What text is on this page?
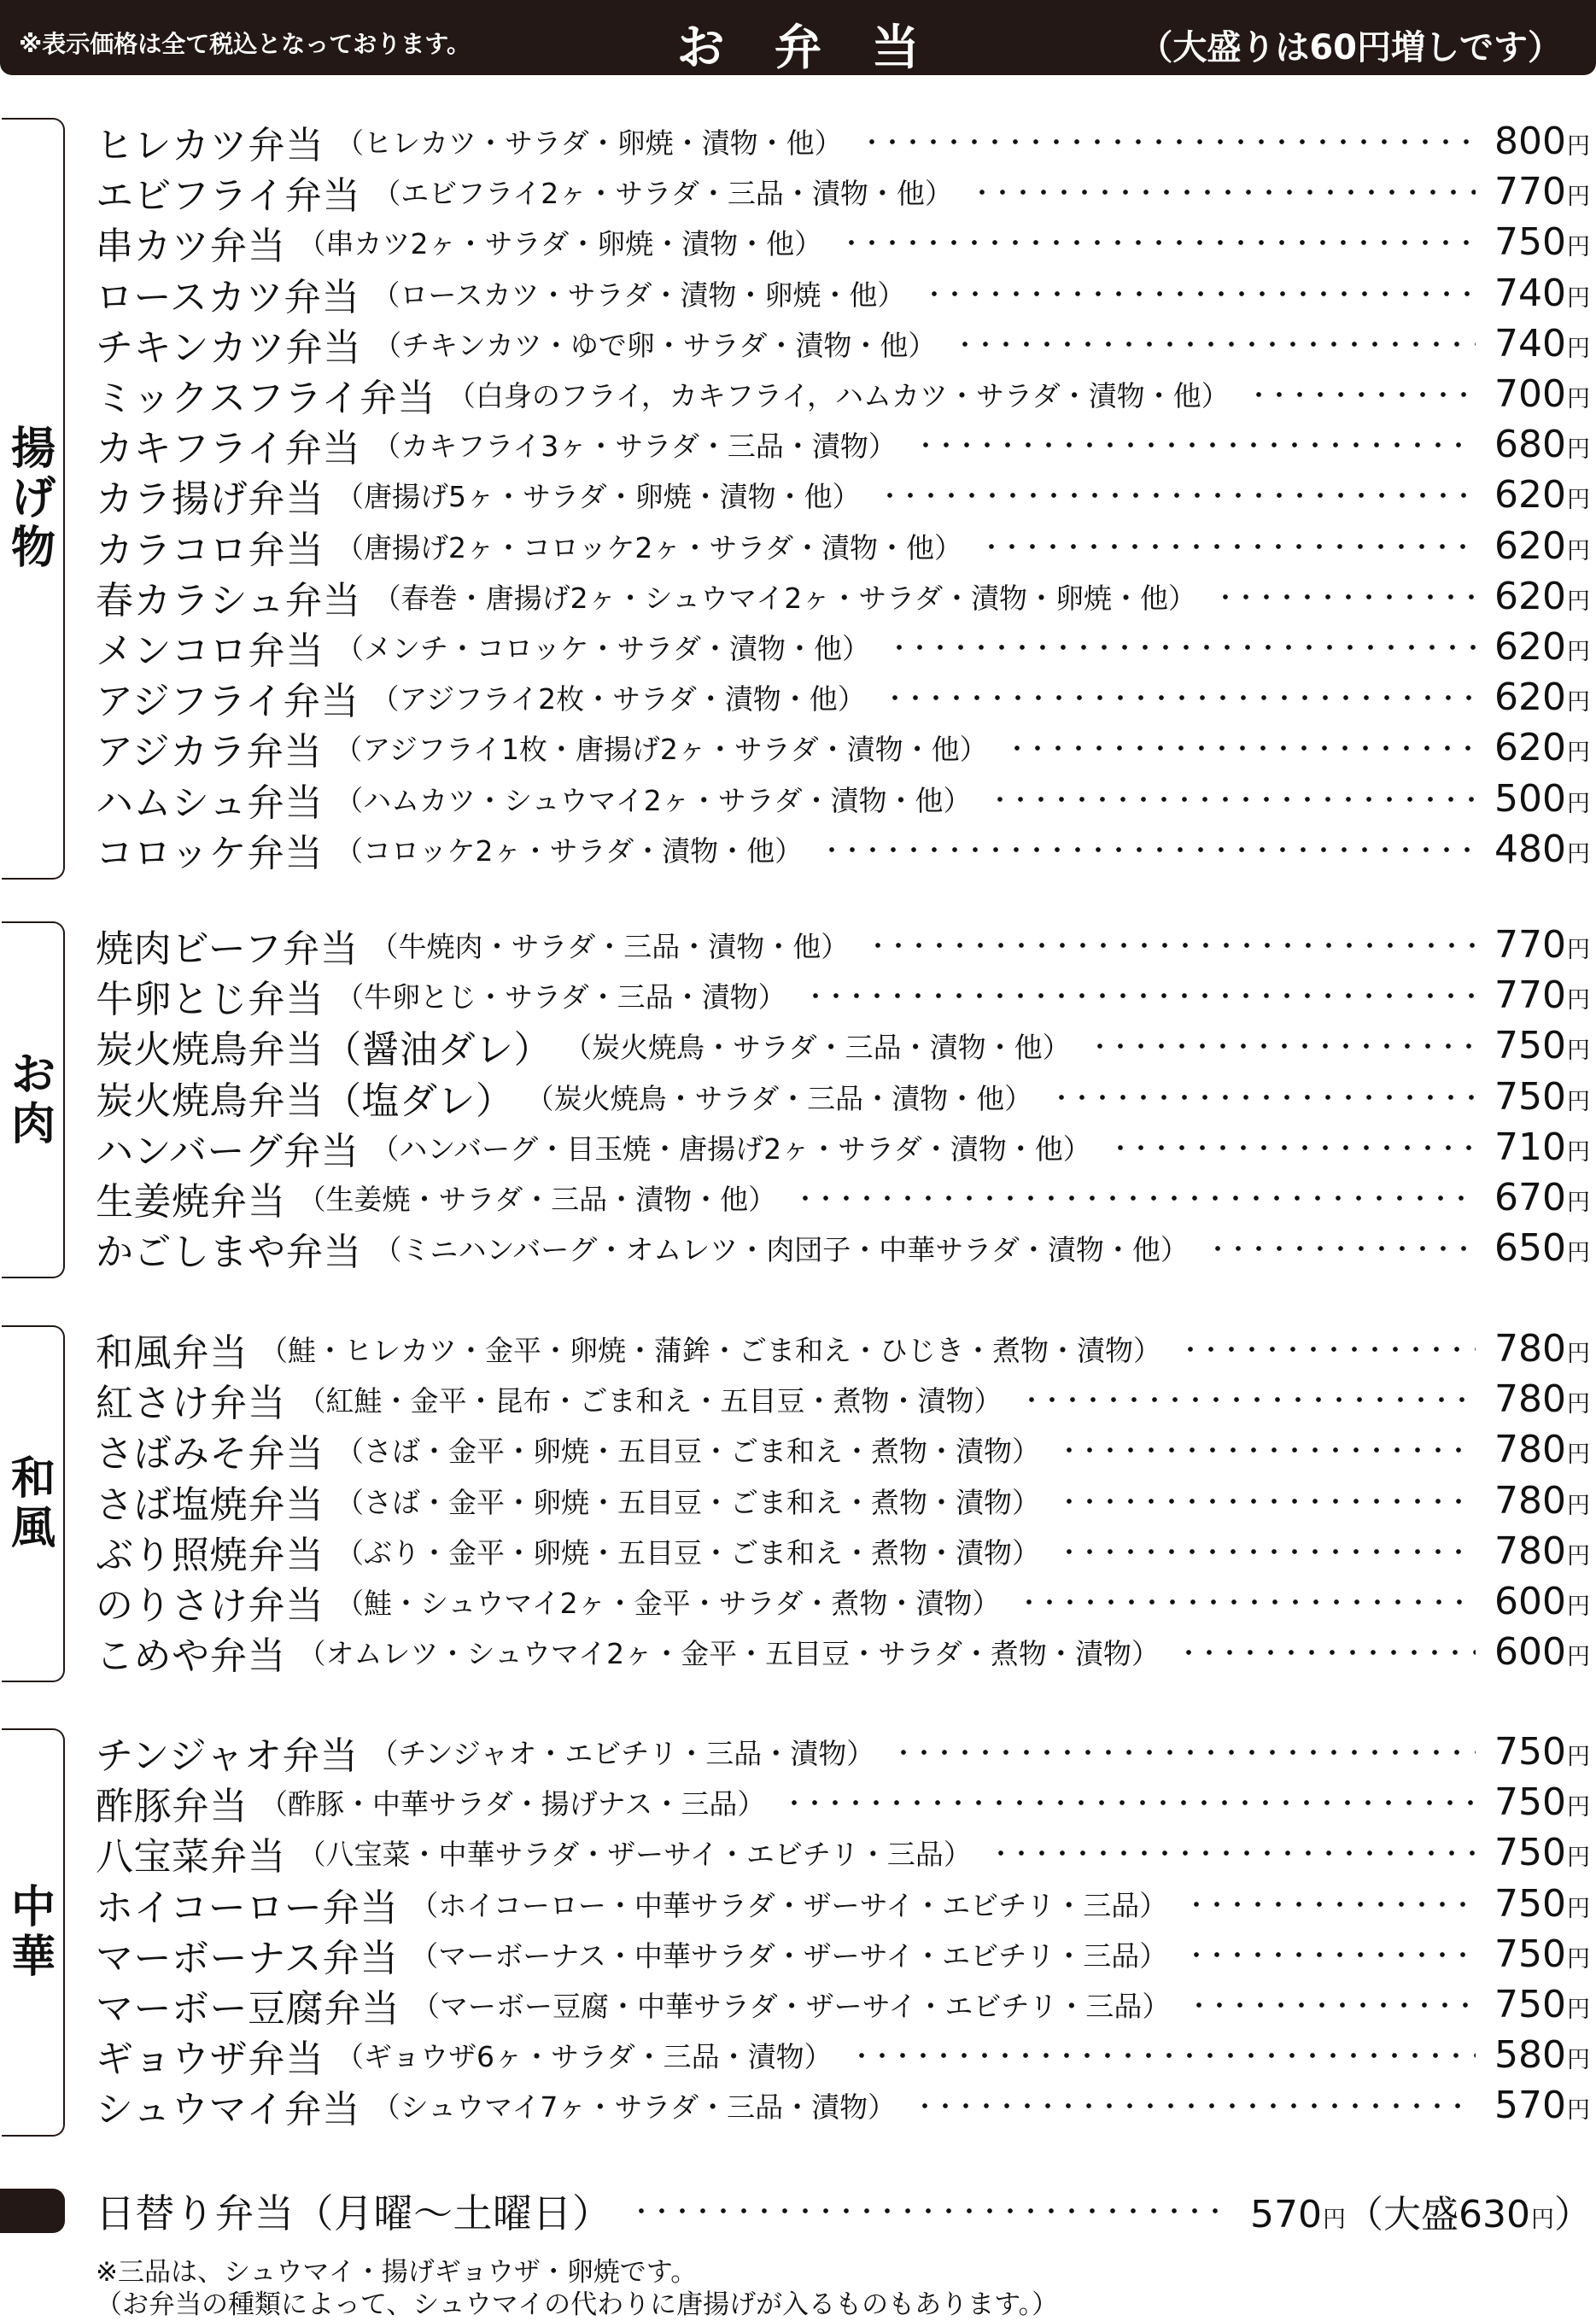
※表示価格は全て税込となっております。	お弁当	（大盛りは60円増しです）
揚
げ
物
ヒレカツ弁当 （ヒレカツ・サラダ・卵焼・漬物・他）	800 円
エビフライ弁当 （エビフライ2ヶ・サラダ・三品・漬物・他）	770 円
串カツ弁当 （串カツ2ヶ・サラダ・卵焼・漬物・他）	750 円
ロースカツ弁当 （ロースカツ・サラダ・漬物・卵焼・他）	740 円
チキンカツ弁当 （チキンカツ・ゆで卵・サラダ・漬物・他）	740 円
ミックスフライ弁当 （白身のフライ，カキフライ，ハムカツ・サラダ・漬物・他）	700 円
カキフライ弁当 （カキフライ3ヶ・サラダ・三品・漬物）	680 円
カラ揚げ弁当 （唐揚げ5ヶ・サラダ・卵焼・漬物・他）	620 円
カラコロ弁当 （唐揚げ2ヶ・コロッケ2ヶ・サラダ・漬物・他）	620 円
春カラシュ弁当 （春巻・唐揚げ2ヶ・シュウマイ2ヶ・サラダ・漬物・卵焼・他）	620 円
メンコロ弁当 （メンチ・コロッケ・サラダ・漬物・他）	620 円
アジフライ弁当 （アジフライ2枚・サラダ・漬物・他）	620 円
アジカラ弁当 （アジフライ1枚・唐揚げ2ヶ・サラダ・漬物・他）	620 円
ハムシュ弁当 （ハムカツ・シュウマイ2ヶ・サラダ・漬物・他）	500 円
コロッケ弁当 （コロッケ2ヶ・サラダ・漬物・他）	480 円
お
肉
焼肉ビーフ弁当 （牛焼肉・サラダ・三品・漬物・他）	770 円
牛卵とじ弁当 （牛卵とじ・サラダ・三品・漬物）	770 円
炭火焼鳥弁当（醤油ダレ） （炭火焼鳥・サラダ・三品・漬物・他）	750 円
炭火焼鳥弁当（塩ダレ） （炭火焼鳥・サラダ・三品・漬物・他）	750 円
ハンバーグ弁当 （ハンバーグ・目玉焼・唐揚げ2ヶ・サラダ・漬物・他）	710 円
生姜焼弁当 （生姜焼・サラダ・三品・漬物・他）	670 円
かごしまや弁当 （ミニハンバーグ・オムレツ・肉団子・中華サラダ・漬物・他）	650 円
和
風
和風弁当 （鮭・ヒレカツ・金平・卵焼・蒲鉾・ごま和え・ひじき・煮物・漬物）	780 円
紅さけ弁当 （紅鮭・金平・昆布・ごま和え・五目豆・煮物・漬物）	780 円
さばみそ弁当 （さば・金平・卵焼・五目豆・ごま和え・煮物・漬物）	780 円
さば塩焼弁当 （さば・金平・卵焼・五目豆・ごま和え・煮物・漬物）	780 円
ぶり照焼弁当 （ぶり・金平・卵焼・五目豆・ごま和え・煮物・漬物）	780 円
のりさけ弁当 （鮭・シュウマイ2ヶ・金平・サラダ・煮物・漬物）	600 円
こめや弁当 （オムレツ・シュウマイ2ヶ・金平・五目豆・サラダ・煮物・漬物）	600 円
中
華
チンジャオ弁当 （チンジャオ・エビチリ・三品・漬物）	750 円
酢豚弁当 （酢豚・中華サラダ・揚げナス・三品）	750 円
八宝菜弁当 （八宝菜・中華サラダ・ザーサイ・エビチリ・三品）	750 円
ホイコーロー弁当 （ホイコーロー・中華サラダ・ザーサイ・エビチリ・三品）	750 円
マーボーナス弁当 （マーボーナス・中華サラダ・ザーサイ・エビチリ・三品）	750 円
マーボー豆腐弁当 （マーボー豆腐・中華サラダ・ザーサイ・エビチリ・三品）	750 円
ギョウザ弁当 （ギョウザ6ヶ・サラダ・三品・漬物）	580 円
シュウマイ弁当 （シュウマイ7ヶ・サラダ・三品・漬物）	570 円
日替り弁当（月曜〜土曜日）	570 円 （大盛 630 円 ）
※三品は、シュウマイ・揚げギョウザ・卵焼です。
（お弁当の種類によって、シュウマイの代わりに唐揚げが入るものもあります。）
